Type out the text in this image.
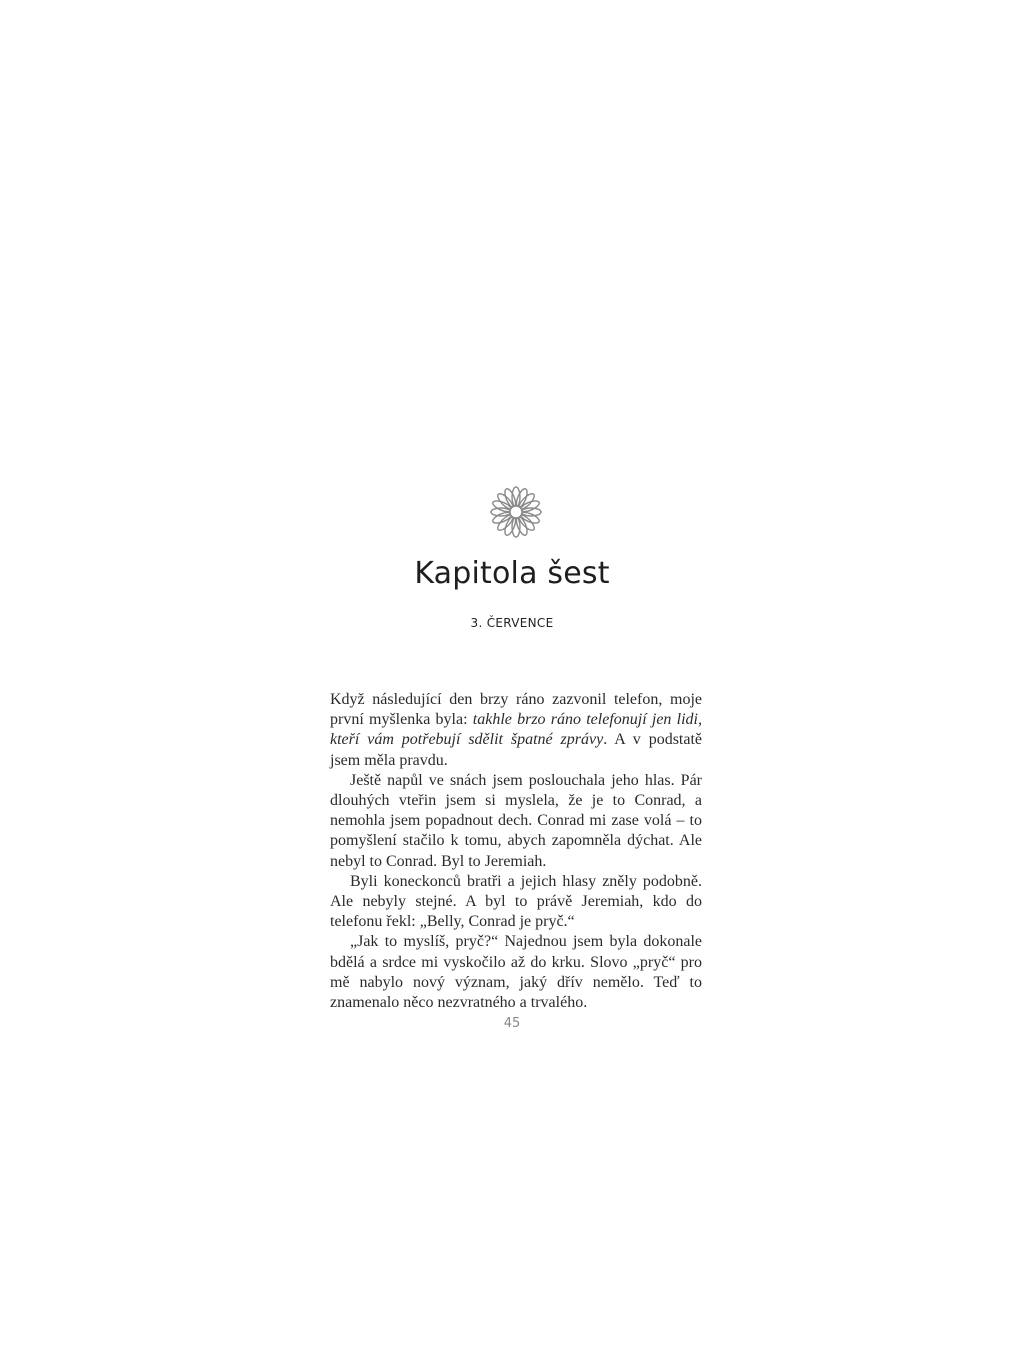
Kapitola šest
3. ČERVENCE

Když následující den brzy ráno zazvonil telefon, moje první myšlenka byla: takhle brzo ráno telefonují jen lidi, kteří vám potřebují sdělit špatné zprávy. A v podstatě jsem měla pravdu.

Ještě napůl ve snách jsem poslouchala jeho hlas. Pár dlouhých vteřin jsem si myslela, že je to Conrad, a nemohla jsem popadnout dech. Conrad mi zase volá – to pomyšlení stačilo k tomu, abych zapomněla dýchat. Ale nebyl to Conrad. Byl to Jeremiah.

Byli koneckonců bratři a jejich hlasy zněly podobně. Ale nebyly stejné. A byl to právě Jeremiah, kdo do telefonu řekl: „Belly, Conrad je pryč.“

„Jak to myslíš, pryč?“ Najednou jsem byla dokonale bdělá a srdce mi vyskočilo až do krku. Slovo „pryč“ pro mě nabylo nový význam, jaký dřív nemělo. Teď to znamenalo něco nezvratného a trvalého.

45
